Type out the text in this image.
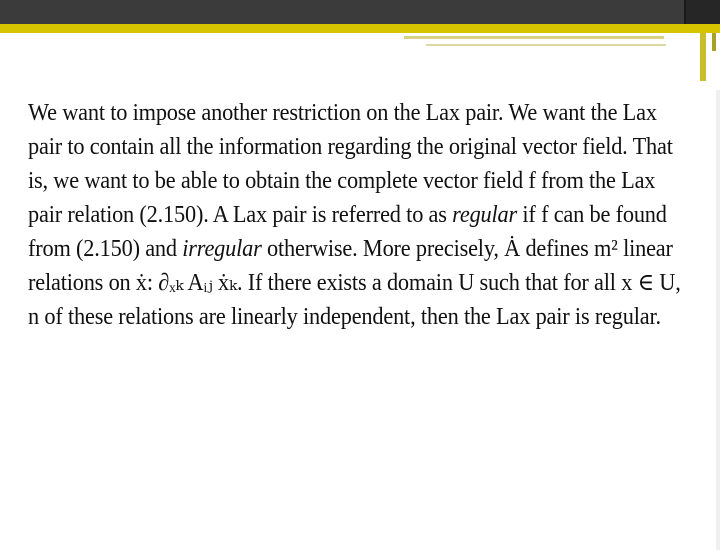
We want to impose another restriction on the Lax pair. We want the Lax
pair to contain all the information regarding the original vector field. That
is, we want to be able to obtain the complete vector field f from the Lax
pair relation (2.150). A Lax pair is referred to as regular if f can be found
from (2.150) and irregular otherwise. More precisely, Ȧ defines m² linear
relations on ẋ: ∂ₓₖ Aᵢⱼ ẋₖ. If there exists a domain U such that for all x ∈ U,
n of these relations are linearly independent, then the Lax pair is regular.
